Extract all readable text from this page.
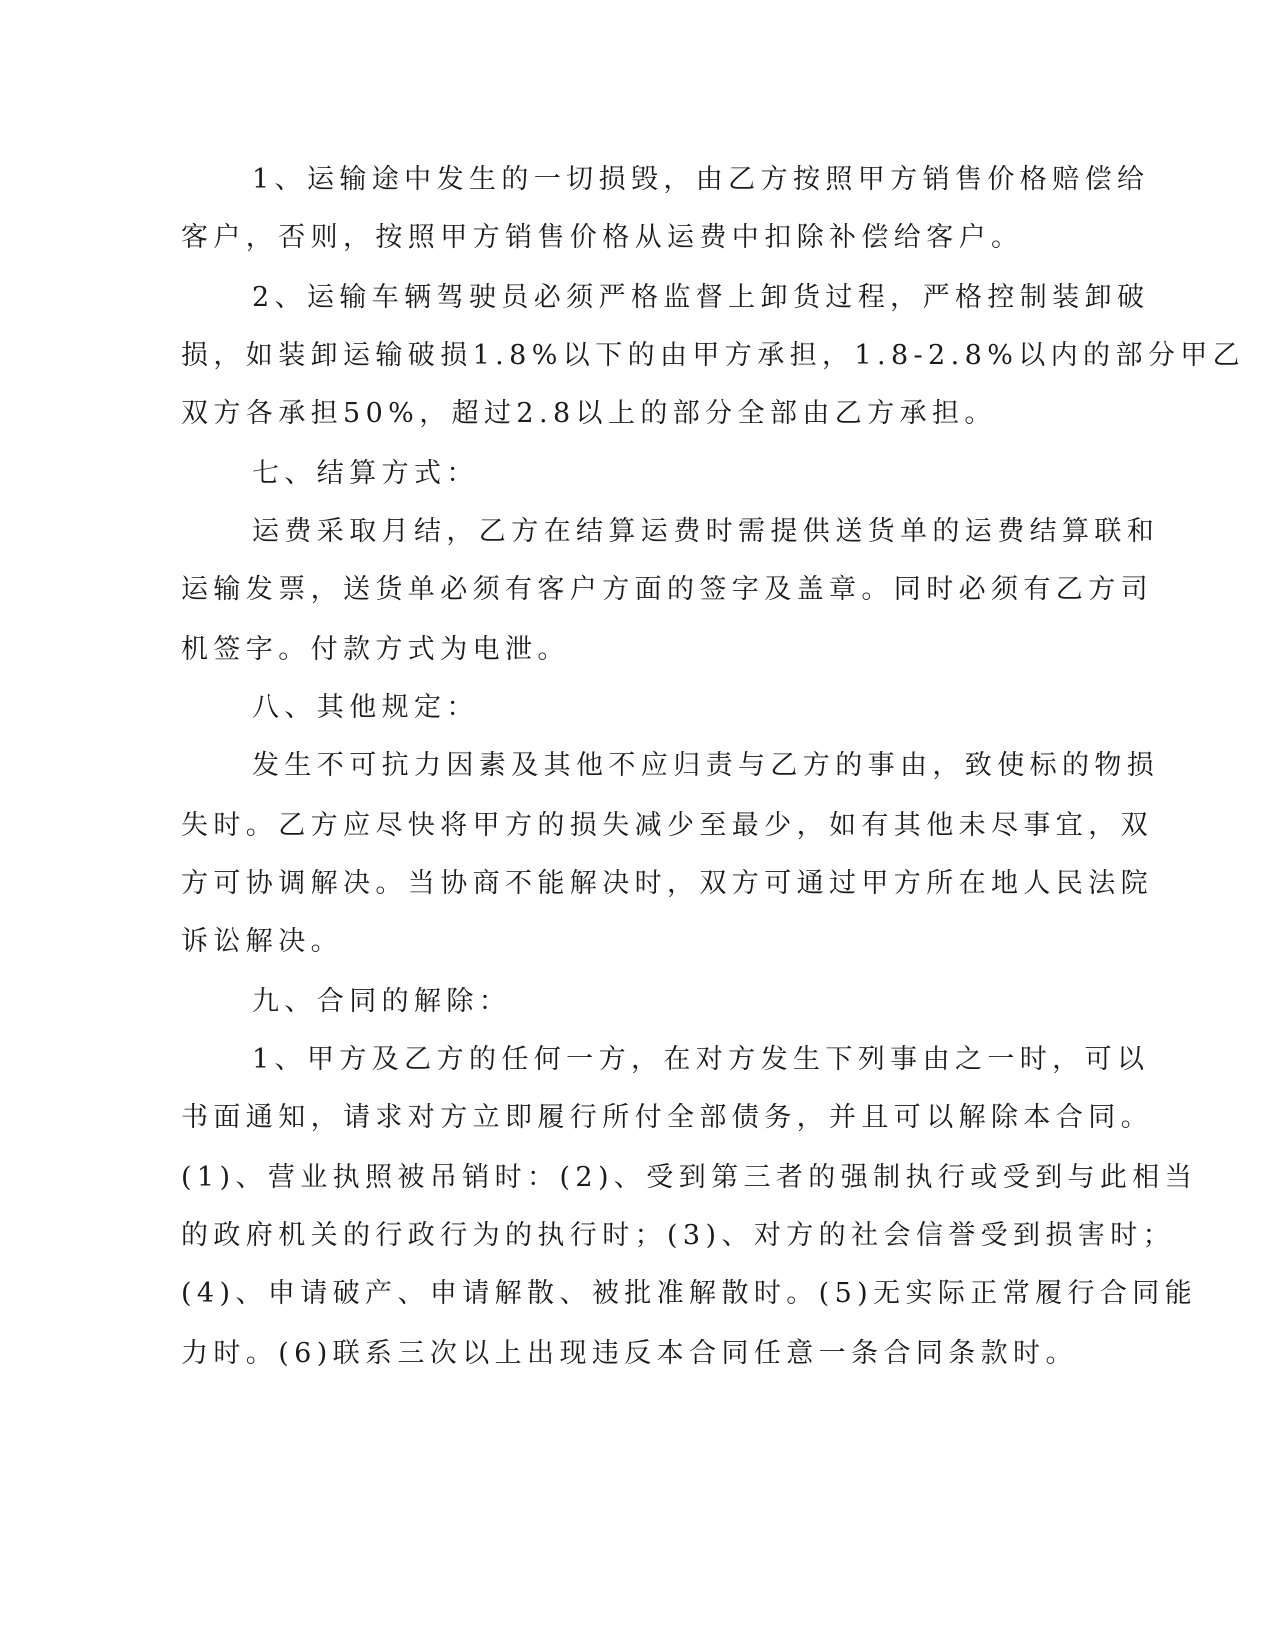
1、运输途中发生的一切损毁，由乙方按照甲方销售价格赔偿给

客户，否则，按照甲方销售价格从运费中扣除补偿给客户。

2、运输车辆驾驶员必须严格监督上卸货过程，严格控制装卸破

损，如装卸运输破损1.8%以下的由甲方承担，1.8-2.8%以内的部分甲乙

双方各承担50%，超过2.8以上的部分全部由乙方承担。

七、结算方式：

运费采取月结，乙方在结算运费时需提供送货单的运费结算联和

运输发票，送货单必须有客户方面的签字及盖章。同时必须有乙方司

机签字。付款方式为电泄。

八、其他规定：

发生不可抗力因素及其他不应归责与乙方的事由，致使标的物损

失时。乙方应尽快将甲方的损失减少至最少，如有其他未尽事宜，双

方可协调解决。当协商不能解决时，双方可通过甲方所在地人民法院

诉讼解决。

九、合同的解除：

1、甲方及乙方的任何一方，在对方发生下列事由之一时，可以

书面通知，请求对方立即履行所付全部债务，并且可以解除本合同。

(1)、营业执照被吊销时：(2)、受到第三者的强制执行或受到与此相当

的政府机关的行政行为的执行时；(3)、对方的社会信誉受到损害时；

(4)、申请破产、申请解散、被批准解散时。(5)无实际正常履行合同能

力时。(6)联系三次以上出现违反本合同任意一条合同条款时。
